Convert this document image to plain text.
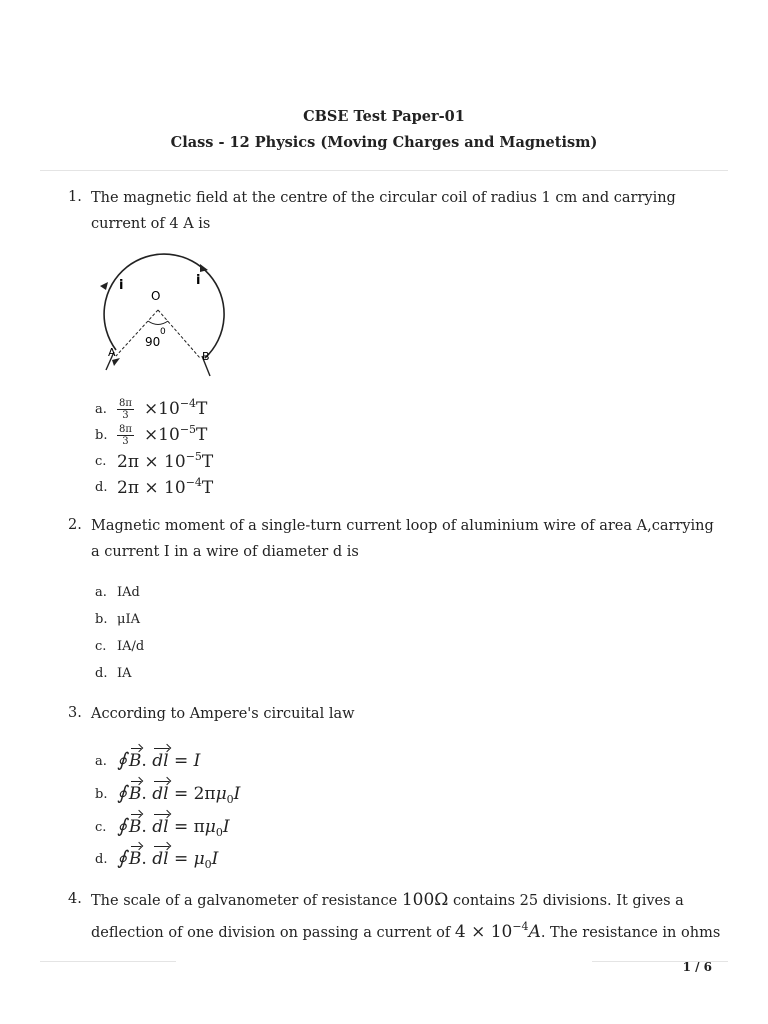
CBSE Test Paper-01
Class - 12 Physics (Moving Charges and Magnetism)
1. The magnetic field at the centre of the circular coil of radius 1 cm and carrying
current of 4 A is
i	i
O
90
0
A	B
a.	$\frac{8\pi}{3} \times 10^{-4}T$
b. $\frac{8\pi}{3} \times 10^{-5}T$
c. $2\pi \times 10^{-5}T$
d. $2\pi \times 10^{-4}T$
2. Magnetic moment of a single-turn current loop of aluminium wire of area A,carrying
a current I in a wire of diameter d is
a. IAd
b. μIA
c. IA/d
d. IA
3. According to Ampere's circuital law
a. ∮ B. dl = I
b. ∮ B. dl = $2\pi\mu_0I$
c. ∮ B. dl = $\pi\mu_0I$
d. ∮ B. dl = $\mu_0I$
4. The scale of a galvanometer of resistance 100Ω contains 25 divisions. It gives a
deflection of one division on passing a current of $4 \times 10^{-4}A$. The resistance in ohms
1 / 6
